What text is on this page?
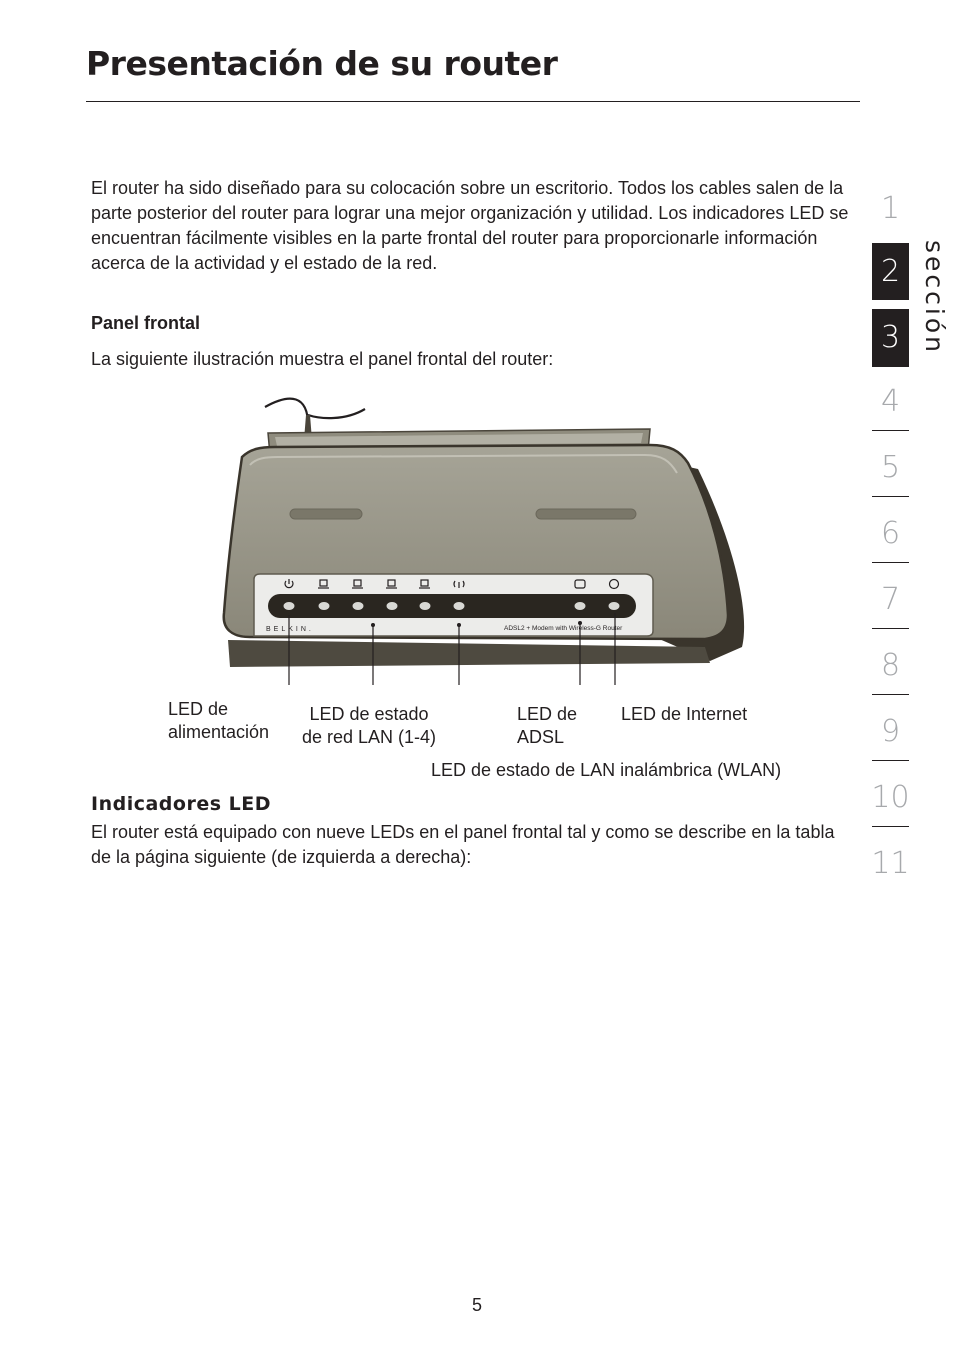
Presentación de su router

El router ha sido diseñado para su colocación sobre un escritorio. Todos los cables salen de la parte posterior del router para lograr una mejor organización y utilidad. Los indicadores LED se encuentran fácilmente visibles en la parte frontal del router para proporcionarle información acerca de la actividad y el estado de la red.

Panel frontal

La siguiente ilustración muestra el panel frontal del router:

BELKIN.	ADSL2 + Modem with Wireless-G Router
LED de
alimentación
LED de estado
de red LAN (1-4)
LED de
ADSL
LED de Internet
LED de estado de LAN inalámbrica (WLAN)
Indicadores LED

El router está equipado con nueve LEDs en el panel frontal tal y como se describe en la tabla de la página siguiente (de izquierda a derecha):

5

1
2
3
4
5
6
7
8
9
10
11
sección
